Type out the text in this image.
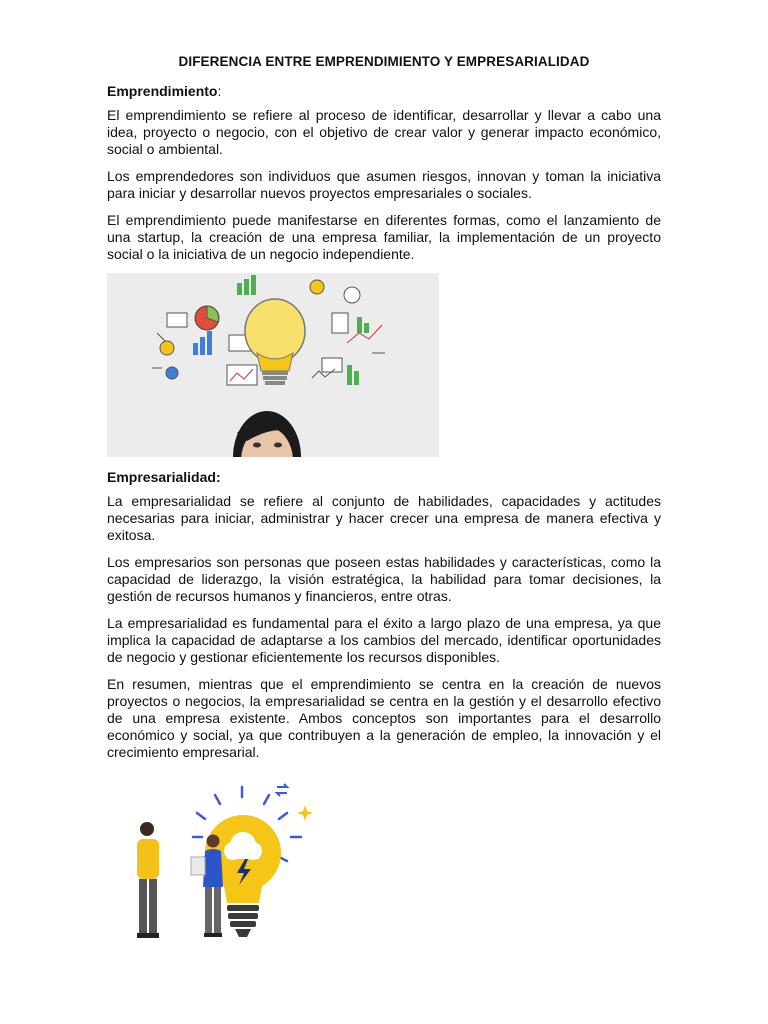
DIFERENCIA ENTRE EMPRENDIMIENTO Y EMPRESARIALIDAD
Emprendimiento:

El emprendimiento se refiere al proceso de identificar, desarrollar y llevar a cabo una idea, proyecto o negocio, con el objetivo de crear valor y generar impacto económico, social o ambiental.

Los emprendedores son individuos que asumen riesgos, innovan y toman la iniciativa para iniciar y desarrollar nuevos proyectos empresariales o sociales.

El emprendimiento puede manifestarse en diferentes formas, como el lanzamiento de una startup, la creación de una empresa familiar, la implementación de un proyecto social o la iniciativa de un negocio independiente.

Empresarialidad:

La empresarialidad se refiere al conjunto de habilidades, capacidades y actitudes necesarias para iniciar, administrar y hacer crecer una empresa de manera efectiva y exitosa.

Los empresarios son personas que poseen estas habilidades y características, como la capacidad de liderazgo, la visión estratégica, la habilidad para tomar decisiones, la gestión de recursos humanos y financieros, entre otras.

La empresarialidad es fundamental para el éxito a largo plazo de una empresa, ya que implica la capacidad de adaptarse a los cambios del mercado, identificar oportunidades de negocio y gestionar eficientemente los recursos disponibles.

En resumen, mientras que el emprendimiento se centra en la creación de nuevos proyectos o negocios, la empresarialidad se centra en la gestión y el desarrollo efectivo de una empresa existente. Ambos conceptos son importantes para el desarrollo económico y social, ya que contribuyen a la generación de empleo, la innovación y el crecimiento empresarial.
